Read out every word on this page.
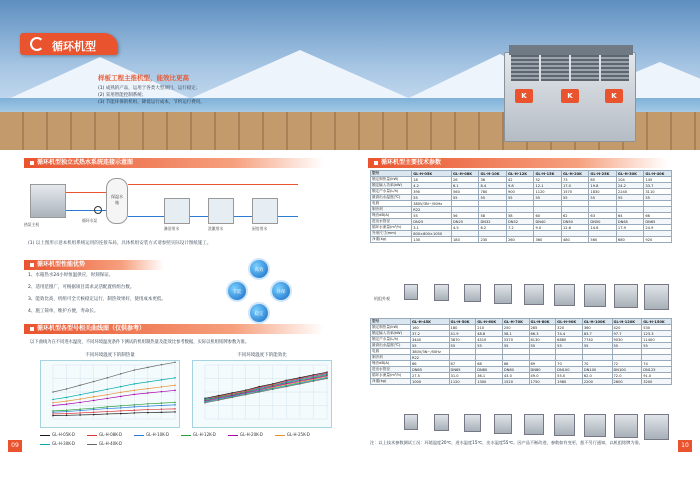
循环机型
样板工程主推机型，能效比更高
(1) 成熟的产品，运用于各类大型项目，运行稳定；
(2) 采用智能控制系统；
(3) 节能环保的机组，降低运行成本，节约运行费用。
K	K	K
循环机型独立式热水系统连接示意图
保温水箱
热泵主机
循环水泵
淋浴用水	洗漱用水	厨房用水
(1) 以上图形示意本机组系统运用的连接布局，具体机组安装方式请参照实际设计图纸施工。
循环机型性能优势
1、水箱热水24小时恒温供应，时刻保证。
2、适用范围广，可根据项目需求灵活配置机组台数。
3、能效比高，机组可全天候稳定运行，制热效果好，使用成本更低。
4、施工简单，维护方便，寿命长。
高效
节能	环保
稳定
循环机型各型号相关曲线图（仅供参考）
以下曲线为在不同进水温度、不同环境温度条件下测试的机组制热量及能效比参考数据，实际以机组铭牌参数为准。
不同环境温度下的制热量	不同环境温度下的能效比
GL-H-05K-D	GL-H-08K-D	GL-H-10K-D	GL-H-12K-D	GL-H-20K-D	GL-H-25K-DGL-H-30K-D	GL-H-40K-D
09
循环机型主要技术参数
型号	GL-H-05K	GL-H-08K	GL-H-10K	GL-H-12K	GL-H-15K	GL-H-20K	GL-H-25K	GL-H-30K	GL-H-40K
额定制热量(kW)	18	26	36	42	52	73	85	104	145
额定输入功率(kW)	4.2	6.1	8.4	9.8	12.1	17.0	19.8	24.2	33.7
额定产水量(L/h)	390	560	780	900	1120	1570	1830	2240	3110
最高出水温度(℃)	55	55	55	55	55	55	55	55	55
电源	380V/3N~/50Hz								
制冷剂	R22								
噪音dB(A)	55	56	58	58	60	62	63	64	66
进出水管径	DN25	DN25	DN32	DN32	DN40	DN50	DN50	DN65	DN65
循环水流量(m³/h)	3.1	4.5	6.2	7.2	9.0	12.6	14.6	17.9	24.9
外形尺寸(mm)	800×800×1050								
净重(kg)	130	180	230	260	360	480	560	680	920
机组外观
型号	GL-H-45K	GL-H-50K	GL-H-60K	GL-H-70K	GL-H-80K	GL-H-90K	GL-H-100K	GL-H-120K	GL-H-150K
额定制热量(kW)	160	180	210	250	285	320	360	420	530
额定输入功率(kW)	37.2	41.9	48.8	58.1	66.3	74.4	83.7	97.7	123.3
额定产水量(L/h)	3440	3870	4510	5370	6130	6880	7740	9030	11400
最高出水温度(℃)	55	55	55	55	55	55	55	55	55
电源	380V/3N~/50Hz								
制冷剂	R22								
噪音dB(A)	66	67	68	68	69	70	70	72	74
进出水管径	DN65	DN65	DN80	DN80	DN80	DN100	DN100	DN100	DN125
循环水流量(m³/h)	27.5	31.0	36.1	43.0	49.0	55.0	62.0	72.0	91.0
净重(kg)	1000	1120	1300	1520	1750	1980	2200	2600	3200
注：以上技术参数测试工况：环境温度20℃，进水温度15℃，出水温度55℃。因产品不断改进，参数如有变更，恕不另行通知，以机组铭牌为准。	10
